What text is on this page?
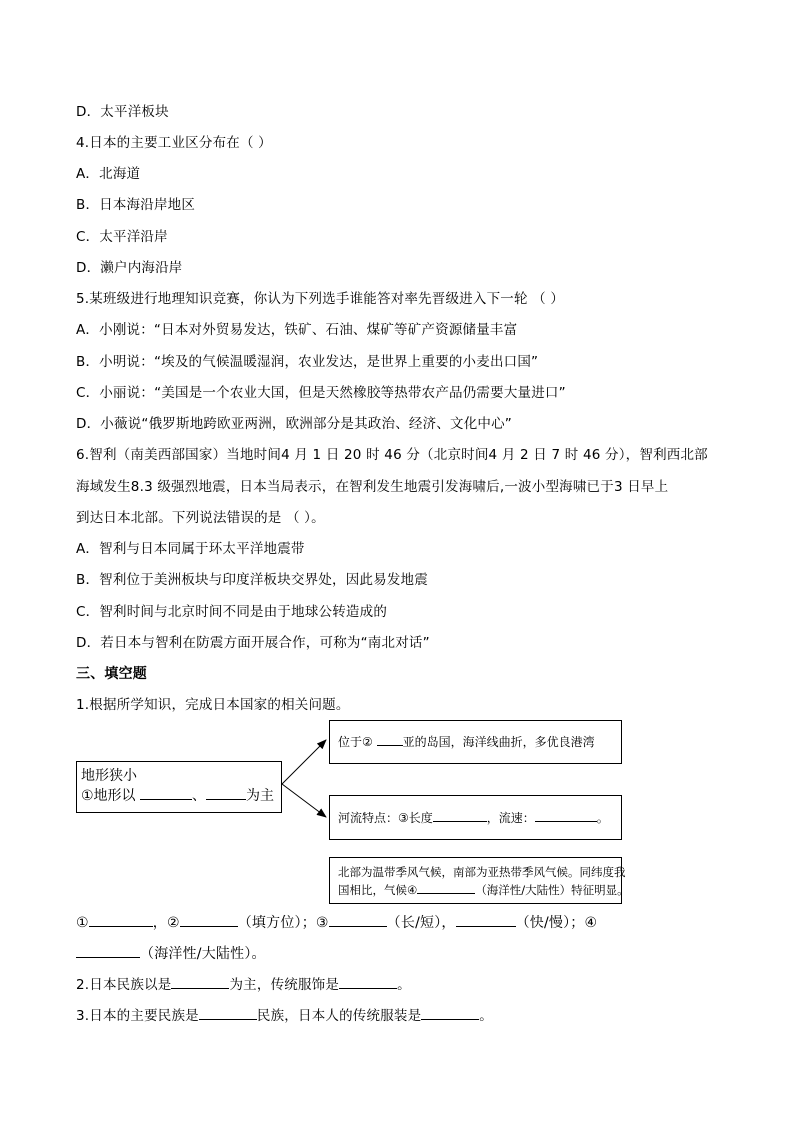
D．太平洋板块
4.日本的主要工业区分布在（ ）
A．北海道
B．日本海沿岸地区
C．太平洋沿岸
D．濑户内海沿岸
5.某班级进行地理知识竞赛，你认为下列选手谁能答对率先晋级进入下一轮 （ ）
A．小刚说：“日本对外贸易发达，铁矿、石油、煤矿等矿产资源储量丰富
B．小明说：“埃及的气候温暖湿润，农业发达，是世界上重要的小麦出口国”
C．小丽说：“美国是一个农业大国，但是天然橡胶等热带农产品仍需要大量进口”
D．小薇说“俄罗斯地跨欧亚两洲，欧洲部分是其政治、经济、文化中心”
6.智利（南美西部国家）当地时间4 月 1 日 20 时 46 分（北京时间4 月 2 日 7 时 46 分），智利西北部
海域发生8.3 级强烈地震，日本当局表示，在智利发生地震引发海啸后,一波小型海啸已于3 日早上
到达日本北部。下列说法错误的是 （ ）。
A．智利与日本同属于环太平洋地震带
B．智利位于美洲板块与印度洋板块交界处，因此易发地震
C．智利时间与北京时间不同是由于地球公转造成的
D．若日本与智利在防震方面开展合作，可称为“南北对话”
三、填空题
1.根据所学知识，完成日本国家的相关问题。
地形狭小
①地形以	、	为主
位于② 亚的岛国，海洋线曲折，多优良港湾
河流特点：③长度	，流速：	。
北部为温带季风气候，南部为亚热带季风气候。同纬度我
国相比，气候④	（海洋性/大陆性）特征明显。
①	，②	（填方位）；③	（长/短），	（快/慢）；④
（海洋性/大陆性）。
2.日本民族以是	为主，传统服饰是	。
3.日本的主要民族是	民族，日本人的传统服装是	。
